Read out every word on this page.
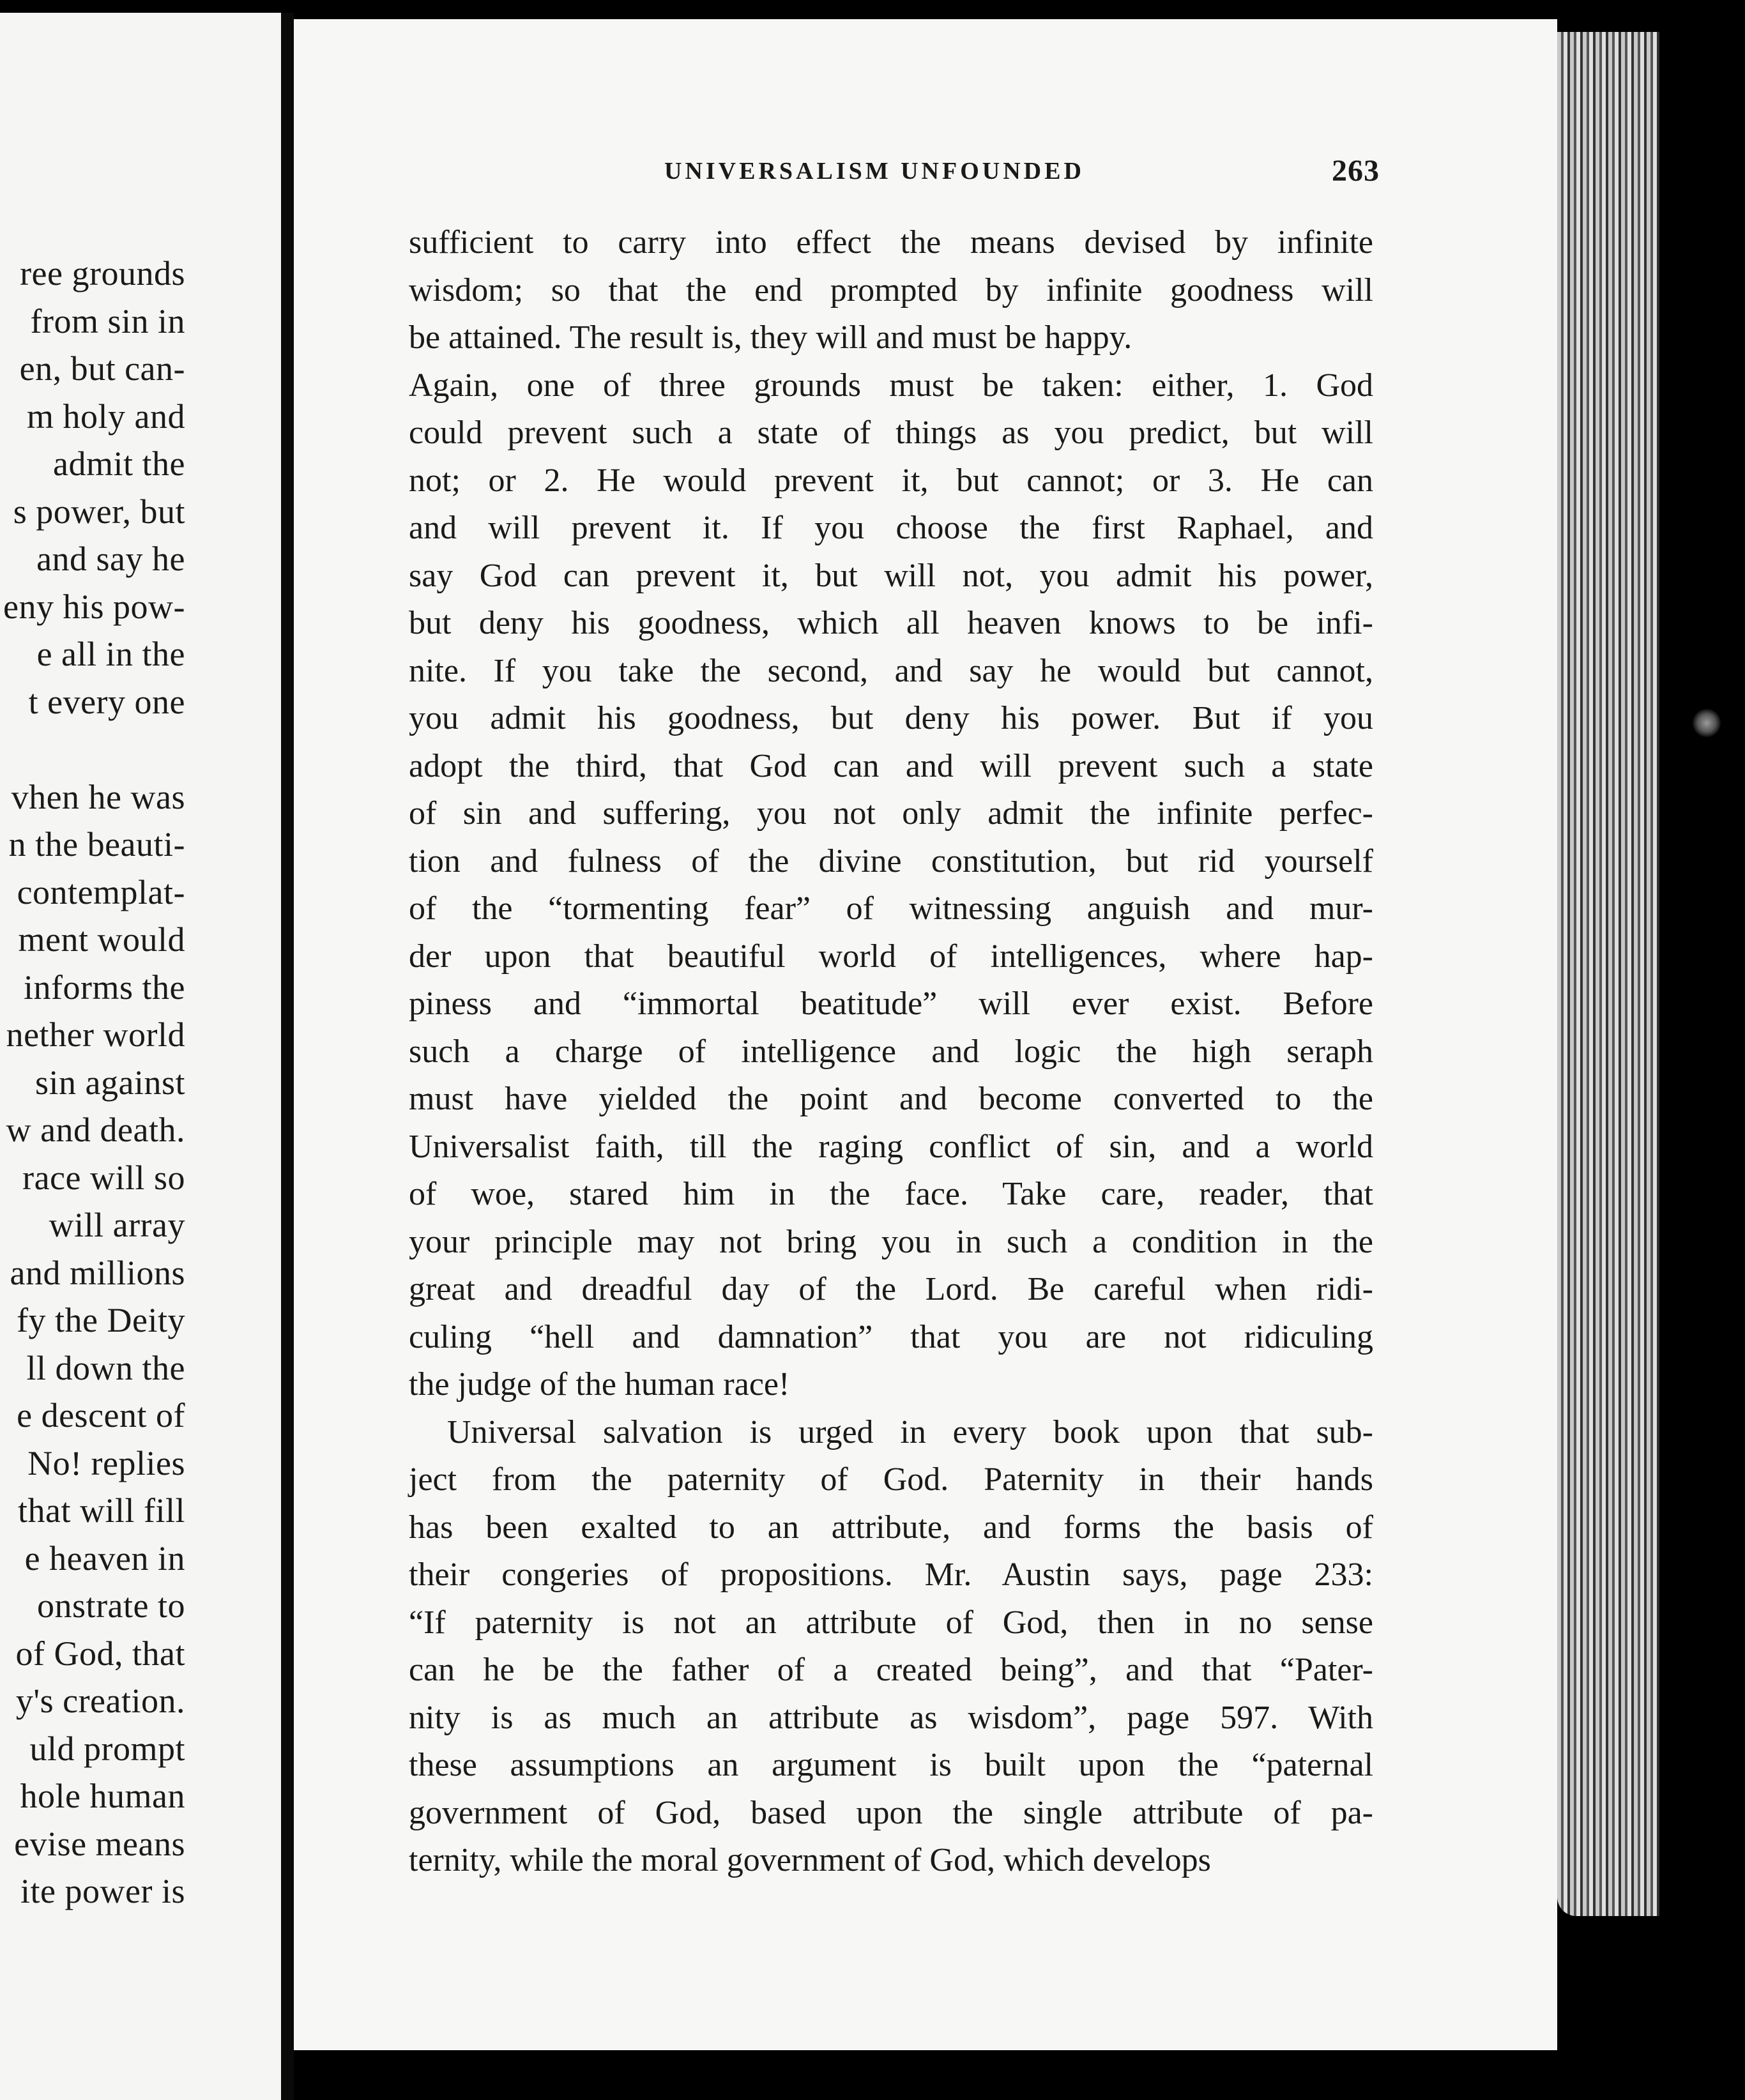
ree grounds
from sin in
en, but can-
m holy and
admit the
s power, but
and say he
eny his pow-
e all in the
t every one
vhen he was
n the beauti-
contemplat-
ment would
informs the
nether world
sin against
w and death.
race will so
will array
and millions
fy the Deity
ll down the
e descent of
No! replies
that will fill
e heaven in
onstrate to
of God, that
y's creation.
uld prompt
hole human
evise means
ite power is
UNIVERSALISM UNFOUNDED	263
sufficient to carry into effect the means devised by infinite
wisdom; so that the end prompted by infinite goodness will
be attained. The result is, they will and must be happy.
Again, one of three grounds must be taken: either, 1. God
could prevent such a state of things as you predict, but will
not; or 2. He would prevent it, but cannot; or 3. He can
and will prevent it. If you choose the first Raphael, and
say God can prevent it, but will not, you admit his power,
but deny his goodness, which all heaven knows to be infi-
nite. If you take the second, and say he would but cannot,
you admit his goodness, but deny his power. But if you
adopt the third, that God can and will prevent such a state
of sin and suffering, you not only admit the infinite perfec-
tion and fulness of the divine constitution, but rid yourself
of the “tormenting fear” of witnessing anguish and mur-
der upon that beautiful world of intelligences, where hap-
piness and “immortal beatitude” will ever exist. Before
such a charge of intelligence and logic the high seraph
must have yielded the point and become converted to the
Universalist faith, till the raging conflict of sin, and a world
of woe, stared him in the face. Take care, reader, that
your principle may not bring you in such a condition in the
great and dreadful day of the Lord. Be careful when ridi-
culing “hell and damnation” that you are not ridiculing
the judge of the human race!
Universal salvation is urged in every book upon that sub-
ject from the paternity of God. Paternity in their hands
has been exalted to an attribute, and forms the basis of
their congeries of propositions. Mr. Austin says, page 233:
“If paternity is not an attribute of God, then in no sense
can he be the father of a created being”, and that “Pater-
nity is as much an attribute as wisdom”, page 597. With
these assumptions an argument is built upon the “paternal
government of God, based upon the single attribute of pa-
ternity, while the moral government of God, which develops
